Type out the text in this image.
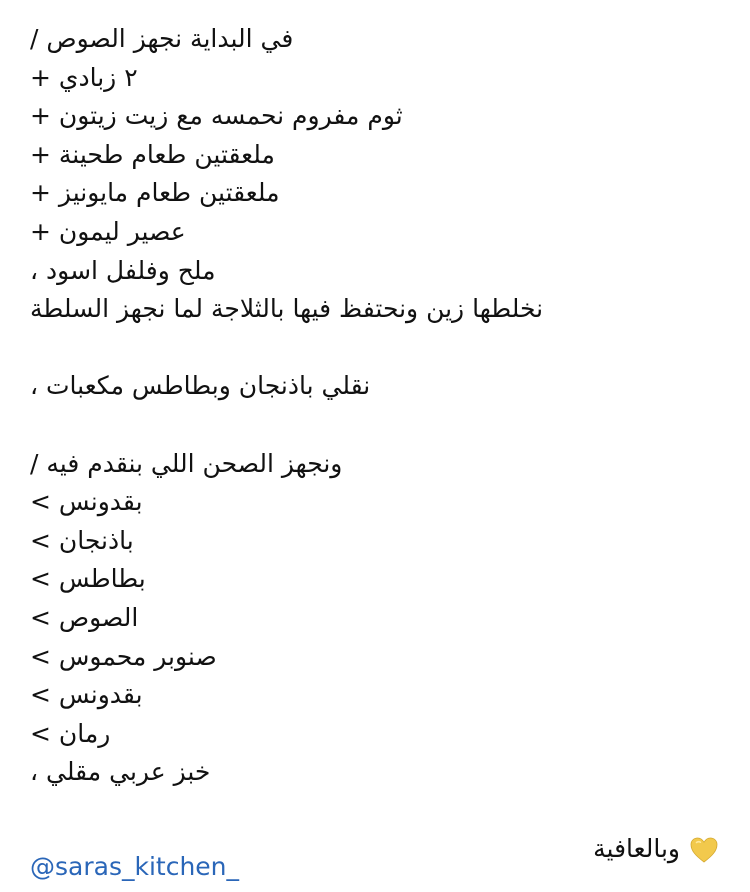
في البداية نجهز الصوص /
٢ زبادي +
ثوم مفروم نحمسه مع زيت زيتون +
ملعقتين طعام طحينة +
ملعقتين طعام مايونيز +
عصير ليمون +
ملح وفلفل اسود ،
نخلطها زين ونحتفظ فيها بالثلاجة لما نجهز السلطة
نقلي باذنجان وبطاطس مكعبات ،
ونجهز الصحن اللي بنقدم فيه /
بقدونس >
باذنجان >
بطاطس >
الصوص >
صنوبر محموس >
بقدونس >
رمان >
خبز عربي مقلي ،
وبالعافية
@saras_kitchen_
